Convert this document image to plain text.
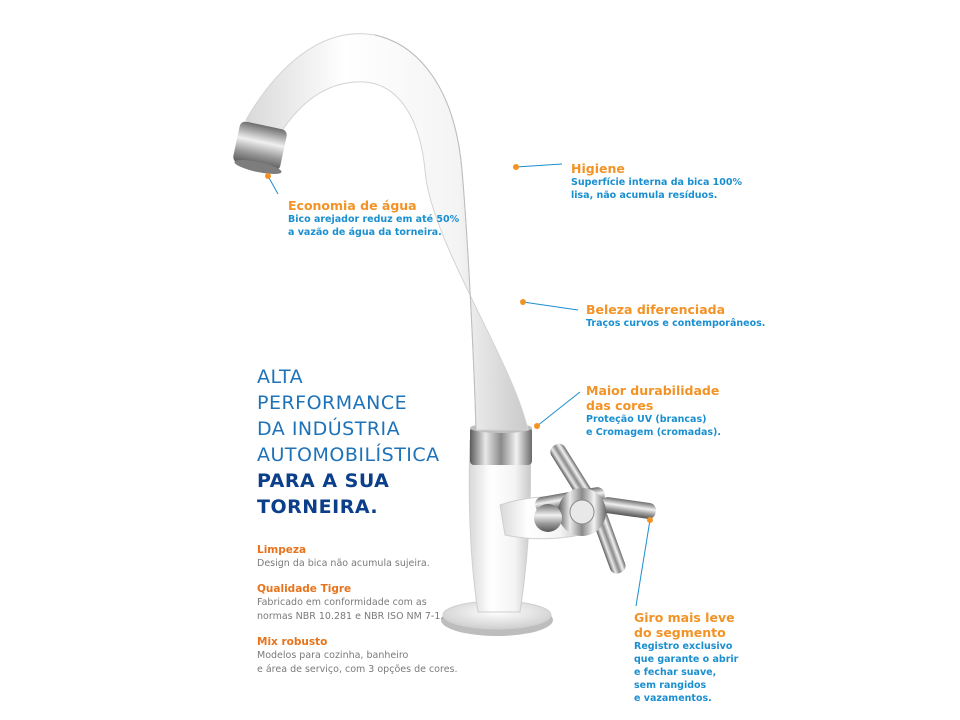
Economia de água
Bico arejador reduz em até 50%
a vazão de água da torneira.
Higiene
Superfície interna da bica 100%
lisa, não acumula resíduos.
Beleza diferenciada
Traços curvos e contemporâneos.
Maior durabilidade
das cores
Proteção UV (brancas)
e Cromagem (cromadas).
Giro mais leve
do segmento
Registro exclusivo
que garante o abrir
e fechar suave,
sem rangidos
e vazamentos.
ALTA
PERFORMANCE
DA INDÚSTRIA
AUTOMOBILÍSTICA
PARA A SUA
TORNEIRA.
Limpeza
Design da bica não acumula sujeira.
Qualidade Tigre
Fabricado em conformidade com as
normas NBR 10.281 e NBR ISO NM 7-1.
Mix robusto
Modelos para cozinha, banheiro
e área de serviço, com 3 opções de cores.
